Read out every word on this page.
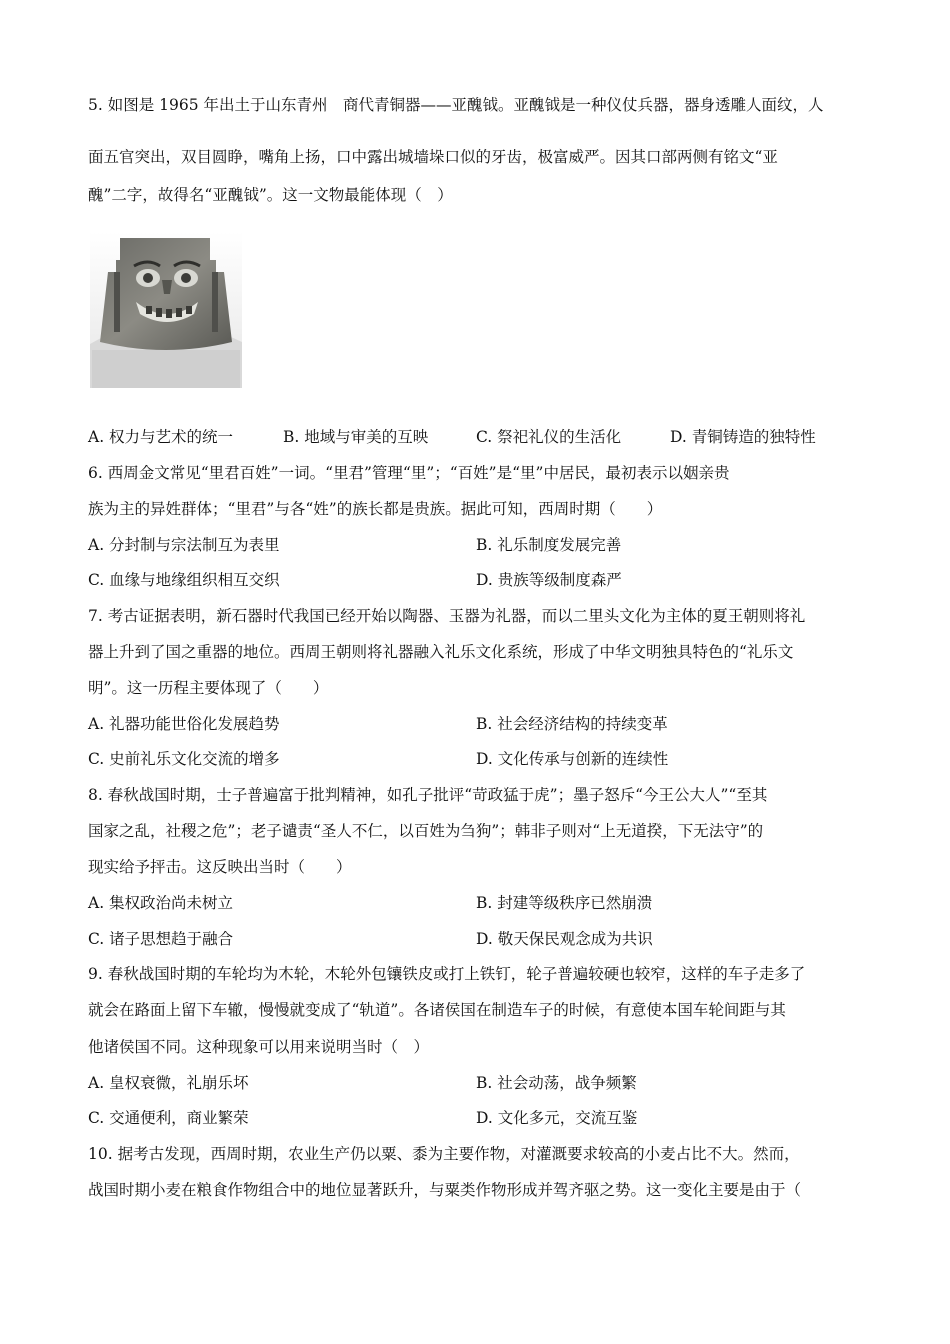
5. 如图是 1965 年出土于山东青州　商代青铜器——亚醜钺。亚醜钺是一种仪仗兵器，器身透雕人面纹，人
面五官突出，双目圆睁，嘴角上扬，口中露出城墙垛口似的牙齿，极富威严。因其口部两侧有铭文“亚
醜”二字，故得名“亚醜钺”。这一文物最能体现（　）
A. 权力与艺术的统一	B. 地域与审美的互映	C. 祭祀礼仪的生活化	D. 青铜铸造的独特性
6. 西周金文常见“里君百姓”一词。“里君”管理“里”；“百姓”是“里”中居民，最初表示以姻亲贵
族为主的异姓群体；“里君”与各“姓”的族长都是贵族。据此可知，西周时期（　　）
A. 分封制与宗法制互为表里	B. 礼乐制度发展完善
C. 血缘与地缘组织相互交织	D. 贵族等级制度森严
7. 考古证据表明，新石器时代我国已经开始以陶器、玉器为礼器，而以二里头文化为主体的夏王朝则将礼
器上升到了国之重器的地位。西周王朝则将礼器融入礼乐文化系统，形成了中华文明独具特色的“礼乐文
明”。这一历程主要体现了（　　）
A. 礼器功能世俗化发展趋势	B. 社会经济结构的持续变革
C. 史前礼乐文化交流的增多	D. 文化传承与创新的连续性
8. 春秋战国时期，士子普遍富于批判精神，如孔子批评“苛政猛于虎”；墨子怒斥“今王公大人”“至其
国家之乱，社稷之危”；老子谴责“圣人不仁，以百姓为刍狗”；韩非子则对“上无道揆，下无法守”的
现实给予抨击。这反映出当时（　　）
A. 集权政治尚未树立	B. 封建等级秩序已然崩溃
C. 诸子思想趋于融合	D. 敬天保民观念成为共识
9. 春秋战国时期的车轮均为木轮，木轮外包镶铁皮或打上铁钉，轮子普遍较硬也较窄，这样的车子走多了
就会在路面上留下车辙，慢慢就变成了“轨道”。各诸侯国在制造车子的时候，有意使本国车轮间距与其
他诸侯国不同。这种现象可以用来说明当时（　）
A. 皇权衰微，礼崩乐坏	B. 社会动荡，战争频繁
C. 交通便利，商业繁荣	D. 文化多元，交流互鉴
10. 据考古发现，西周时期，农业生产仍以粟、黍为主要作物，对灌溉要求较高的小麦占比不大。然而，
战国时期小麦在粮食作物组合中的地位显著跃升，与粟类作物形成并驾齐驱之势。这一变化主要是由于（
